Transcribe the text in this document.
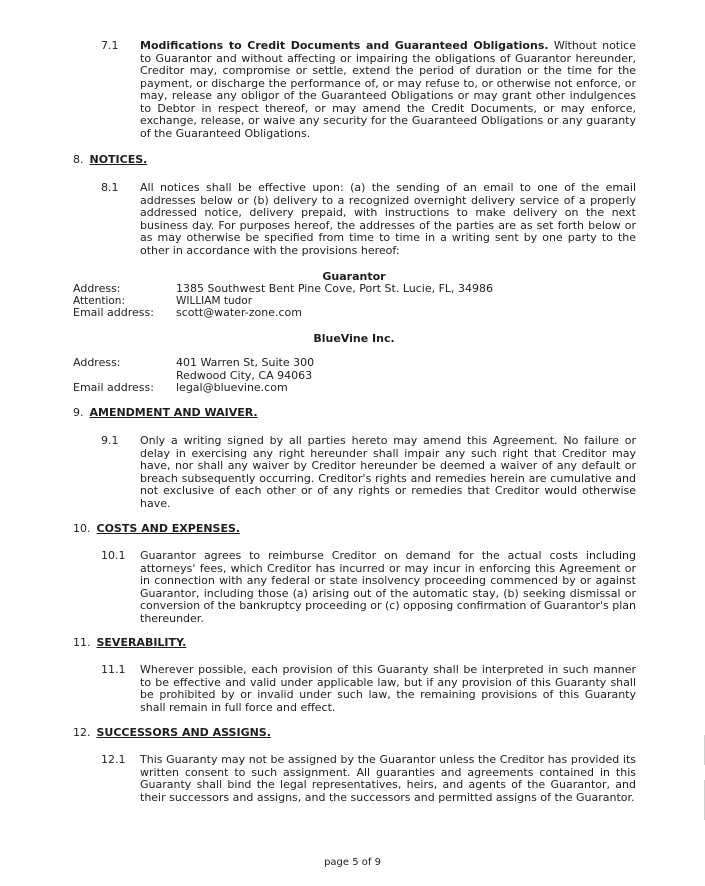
7.1 Modifications to Credit Documents and Guaranteed Obligations. Without notice to Guarantor and without affecting or impairing the obligations of Guarantor hereunder, Creditor may, compromise or settle, extend the period of duration or the time for the payment, or discharge the performance of, or may refuse to, or otherwise not enforce, or may, release any obligor of the Guaranteed Obligations or may grant other indulgences to Debtor in respect thereof, or may amend the Credit Documents, or may enforce, exchange, release, or waive any security for the Guaranteed Obligations or any guaranty of the Guaranteed Obligations.
8. NOTICES.
8.1 All notices shall be effective upon: (a) the sending of an email to one of the email addresses below or (b) delivery to a recognized overnight delivery service of a properly addressed notice, delivery prepaid, with instructions to make delivery on the next business day. For purposes hereof, the addresses of the parties are as set forth below or as may otherwise be specified from time to time in a writing sent by one party to the other in accordance with the provisions hereof:
Guarantor
Address:	1385 Southwest Bent Pine Cove, Port St. Lucie, FL, 34986
Attention:	WILLIAM tudor
Email address: scott@water-zone.com
BlueVine Inc.
Address:	401 Warren St, Suite 300
Redwood City, CA 94063
Email address: legal@bluevine.com
9. AMENDMENT AND WAIVER.
9.1 Only a writing signed by all parties hereto may amend this Agreement. No failure or delay in exercising any right hereunder shall impair any such right that Creditor may have, nor shall any waiver by Creditor hereunder be deemed a waiver of any default or breach subsequently occurring. Creditor's rights and remedies herein are cumulative and not exclusive of each other or of any rights or remedies that Creditor would otherwise have.
10. COSTS AND EXPENSES.
10.1 Guarantor agrees to reimburse Creditor on demand for the actual costs including attorneys' fees, which Creditor has incurred or may incur in enforcing this Agreement or in connection with any federal or state insolvency proceeding commenced by or against Guarantor, including those (a) arising out of the automatic stay, (b) seeking dismissal or conversion of the bankruptcy proceeding or (c) opposing confirmation of Guarantor's plan thereunder.
11. SEVERABILITY.
11.1 Wherever possible, each provision of this Guaranty shall be interpreted in such manner to be effective and valid under applicable law, but if any provision of this Guaranty shall be prohibited by or invalid under such law, the remaining provisions of this Guaranty shall remain in full force and effect.
12. SUCCESSORS AND ASSIGNS.
12.1 This Guaranty may not be assigned by the Guarantor unless the Creditor has provided its written consent to such assignment. All guaranties and agreements contained in this Guaranty shall bind the legal representatives, heirs, and agents of the Guarantor, and their successors and assigns, and the successors and permitted assigns of the Guarantor.
page 5 of 9
